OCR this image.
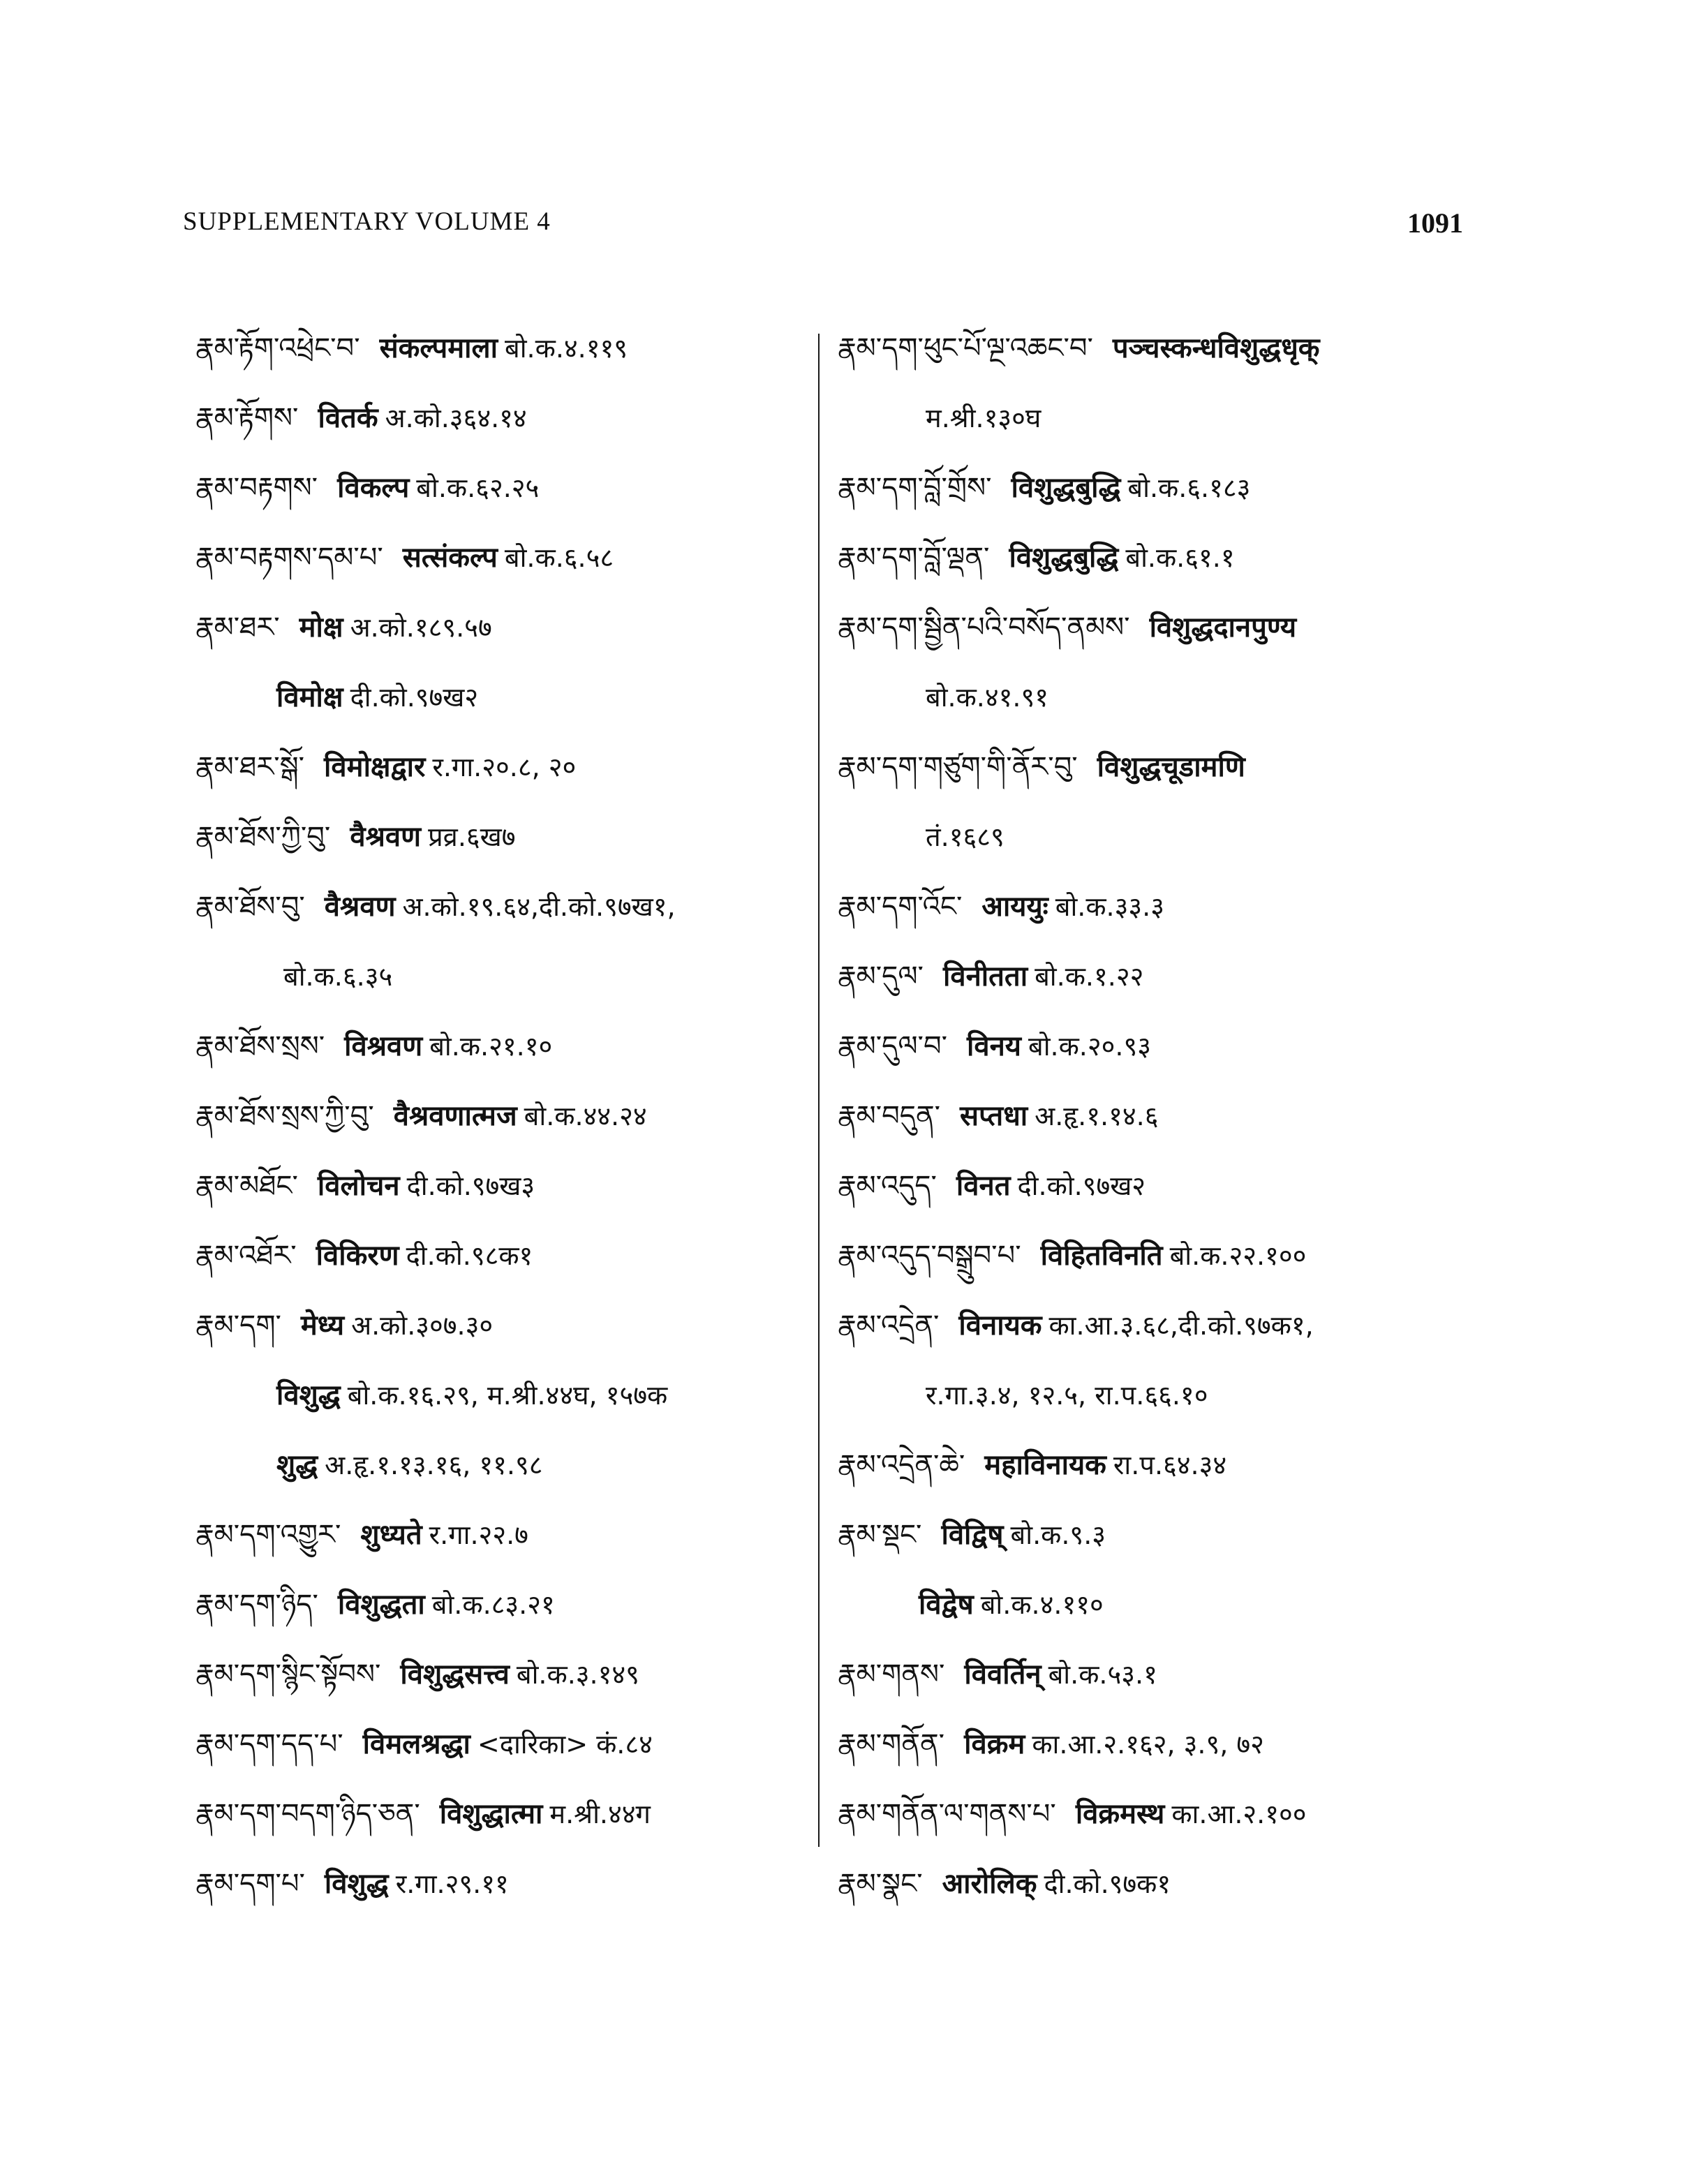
SUPPLEMENTARY VOLUME 4	1091
རྣམ་རྟོག་འཕྲེང་བ་ संकल्पमाला बो.क.४.११९
རྣམ་རྟོགས་ वितर्क अ.को.३६४.१४
རྣམ་བརྟགས་ विकल्प बो.क.६२.२५
རྣམ་བརྟགས་དམ་པ་ सत्संकल्प बो.क.६.५८
རྣམ་ཐར་ मोक्ष अ.को.१८९.५७
विमोक्ष दी.को.९७ख२
རྣམ་ཐར་སྒོ་ विमोक्षद्वार र.गा.२०.८, २०
རྣམ་ཐོས་ཀྱི་བུ་ वैश्रवण प्रव्र.६ख७
རྣམ་ཐོས་བུ་ वैश्रवण अ.को.१९.६४,दी.को.९७ख१,
बो.क.६.३५
རྣམ་ཐོས་སྲས་ विश्रवण बो.क.२१.१०
རྣམ་ཐོས་སྲས་ཀྱི་བུ་ वैश्रवणात्मज बो.क.४४.२४
རྣམ་མཐོང་ विलोचन दी.को.९७ख३
རྣམ་འཐོར་ विकिरण दी.को.९८क१
རྣམ་དག་ मेध्य अ.को.३०७.३०
विशुद्ध बो.क.१६.२९, म.श्री.४४घ, १५७क
शुद्ध अ.हृ.१.१३.१६, ११.९८
རྣམ་དག་འགྱུར་ शुध्यते र.गा.२२.७
རྣམ་དག་ཉིད་ विशुद्धता बो.क.८३.२१
རྣམ་དག་སྙིང་སྟོབས་ विशुद्धसत्त्व बो.क.३.१४९
རྣམ་དག་དད་པ་ विमलश्रद्धा <दारिका> कं.८४
རྣམ་དག་བདག་ཉིད་ཅན་ विशुद्धात्मा म.श्री.४४ग
རྣམ་དག་པ་ विशुद्ध र.गा.२९.११
རྣམ་དག་ཕུང་པོ་ལྔ་འཆང་བ་ पञ्चस्कन्धविशुद्धधृक्
म.श्री.१३०घ
རྣམ་དག་བློ་གྲོས་ विशुद्धबुद्धि बो.क.६.१८३
རྣམ་དག་བློ་ལྡན་ विशुद्धबुद्धि बो.क.६१.१
རྣམ་དག་སྦྱིན་པའི་བསོད་ནམས་ विशुद्धदानपुण्य
बो.क.४१.९१
རྣམ་དག་གཙུག་གི་ནོར་བུ་ विशुद्धचूडामणि
तं.१६८९
རྣམ་དག་འོང་ आययुः बो.क.३३.३
རྣམ་དུལ་ विनीतता बो.क.१.२२
རྣམ་དུལ་བ་ विनय बो.क.२०.९३
རྣམ་བདུན་ सप्तधा अ.हृ.१.१४.६
རྣམ་འདུད་ विनत दी.को.९७ख२
རྣམ་འདུད་བསྒྲུབ་པ་ विहितविनति बो.क.२२.१००
རྣམ་འདྲེན་ विनायक का.आ.३.६८,दी.को.९७क१,
र.गा.३.४, १२.५, रा.प.६६.१०
རྣམ་འདྲེན་ཆེ་ महाविनायक रा.प.६४.३४
རྣམ་སྡང་ विद्विष् बो.क.९.३
विद्वेष बो.क.४.११०
རྣམ་གནས་ विवर्तिन् बो.क.५३.१
རྣམ་གནོན་ विक्रम का.आ.२.१६२, ३.९, ७२
རྣམ་གནོན་ལ་གནས་པ་ विक्रमस्थ का.आ.२.१००
རྣམ་སྣང་ आरोलिक् दी.को.९७क१
